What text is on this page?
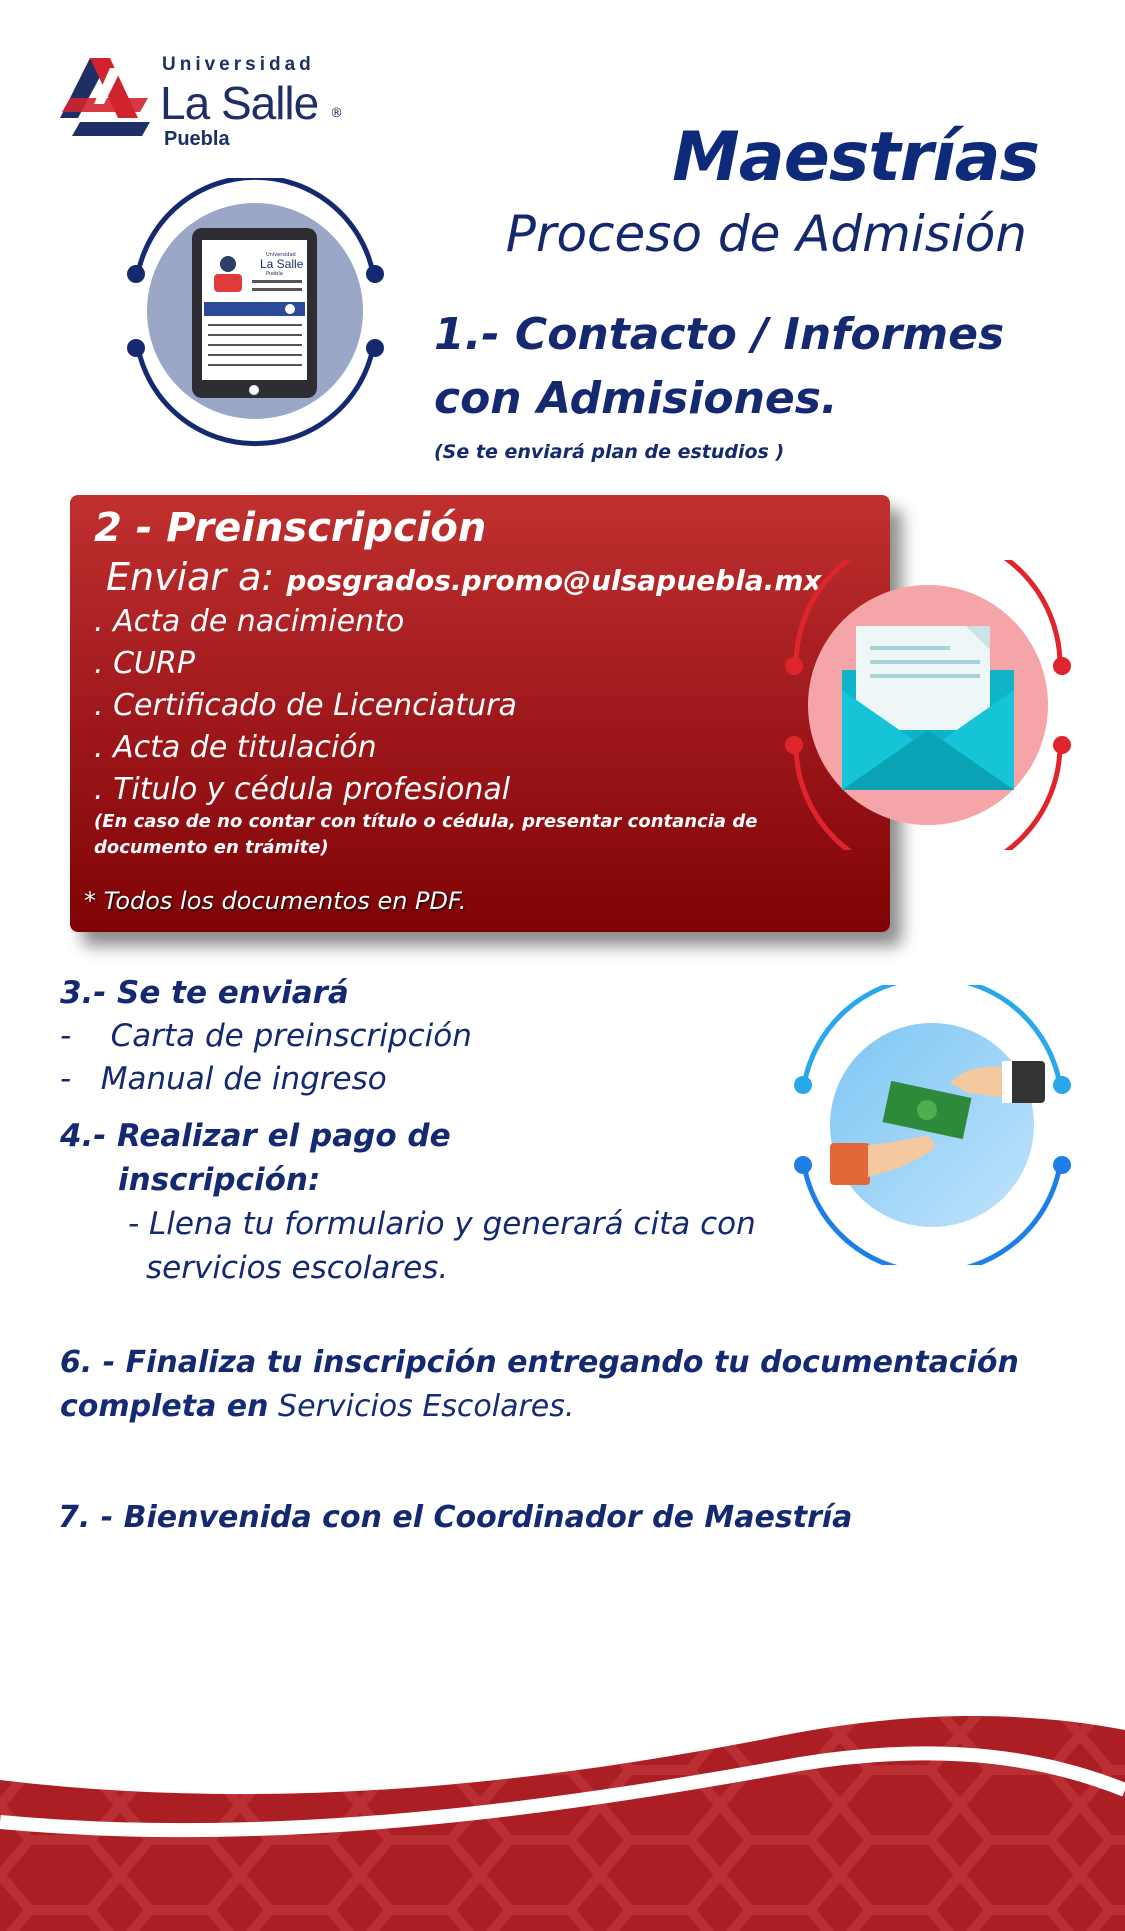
Universidad
La Salle ®
Puebla	Maestrías
Proceso de Admisión
Universidad
La Salle
Puebla
1.- Contacto / Informes
con Admisiones.
(Se te enviará plan de estudios )
2 - Preinscripción
Enviar a: posgrados.promo@ulsapuebla.mx
. Acta de nacimiento
. CURP
. Certificado de Licenciatura
. Acta de titulación
. Titulo y cédula profesional
(En caso de no contar con título o cédula, presentar contancia de documento en trámite)
* Todos los documentos en PDF.
3.- Se te enviará
-    Carta de preinscripción
-   Manual de ingreso
4.- Realizar el pago de
inscripción:
- Llena tu formulario y generará cita con
servicios escolares.
6. - Finaliza tu inscripción entregando tu documentación
completa en Servicios Escolares.
7. - Bienvenida con el Coordinador de Maestría
